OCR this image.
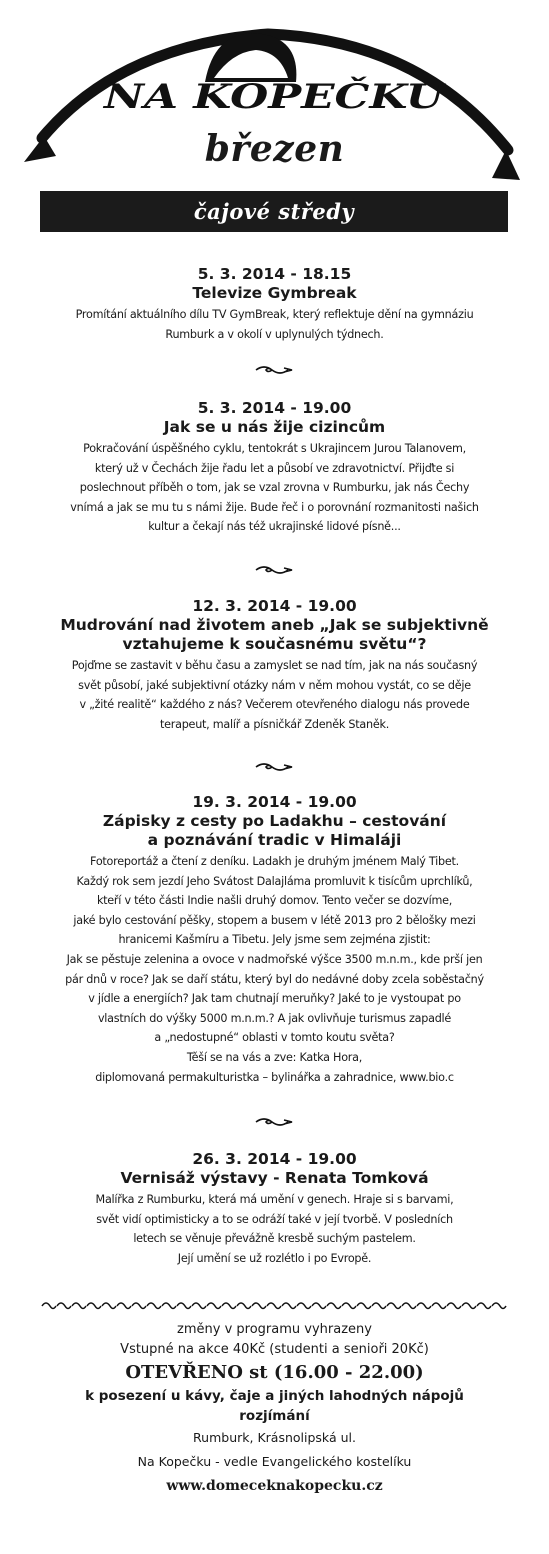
NA KOPEČKU
březen
čajové středy
5. 3. 2014 - 18.15
Televize Gymbreak
Promítání aktuálního dílu TV GymBreak, který reflektuje dění na gymnáziu
Rumburk a v okolí v uplynulých týdnech.
5. 3. 2014 - 19.00
Jak se u nás žije cizincům
Pokračování úspěšného cyklu, tentokrát s Ukrajincem Jurou Talanovem,
který už v Čechách žije řadu let a působí ve zdravotnictví. Přijďte si
poslechnout příběh o tom, jak se vzal zrovna v Rumburku, jak nás Čechy
vnímá a jak se mu tu s námi žije. Bude řeč i o porovnání rozmanitosti našich
kultur a čekají nás též ukrajinské lidové písně...
12. 3. 2014 - 19.00
Mudrování nad životem aneb „Jak se subjektivně
vztahujeme k současnému světu“?
Pojďme se zastavit v běhu času a zamyslet se nad tím, jak na nás současný
svět působí, jaké subjektivní otázky nám v něm mohou vystát, co se děje
v „žité realitě“ každého z nás? Večerem otevřeného dialogu nás provede
terapeut, malíř a písničkář Zdeněk Staněk.
19. 3. 2014 - 19.00
Zápisky z cesty po Ladakhu – cestování
a poznávání tradic v Himaláji
Fotoreportáž a čtení z deníku. Ladakh je druhým jménem Malý Tibet.
Každý rok sem jezdí Jeho Svátost Dalajláma promluvit k tisícům uprchlíků,
kteří v této části Indie našli druhý domov. Tento večer se dozvíme,
jaké bylo cestování pěšky, stopem a busem v létě 2013 pro 2 bělošky mezi
hranicemi Kašmíru a Tibetu. Jely jsme sem zejména zjistit:
Jak se pěstuje zelenina a ovoce v nadmořské výšce 3500 m.n.m., kde prší jen
pár dnů v roce? Jak se daří státu, který byl do nedávné doby zcela soběstačný
v jídle a energiích? Jak tam chutnají meruňky? Jaké to je vystoupat po
vlastních do výšky 5000 m.n.m.? A jak ovlivňuje turismus zapadlé
a „nedostupné“ oblasti v tomto koutu světa?
Těší se na vás a zve: Katka Hora,
diplomovaná permakulturistka – bylinářka a zahradnice, www.bio.c
26. 3. 2014 - 19.00
Vernisáž výstavy - Renata Tomková
Malířka z Rumburku, která má umění v genech. Hraje si s barvami,
svět vidí optimisticky a to se odráží také v její tvorbě. V posledních
letech se věnuje převážně kresbě suchým pastelem.
Její umění se už rozlétlo i po Evropě.
změny v programu vyhrazeny
Vstupné na akce 40Kč (studenti a senioři 20Kč)
OTEVŘENO st (16.00 - 22.00)
k posezení u kávy, čaje a jiných lahodných nápojů
rozjímání
Rumburk, Krásnolipská ul.
Na Kopečku - vedle Evangelického kostelíku
www.domeceknakopecku.cz
